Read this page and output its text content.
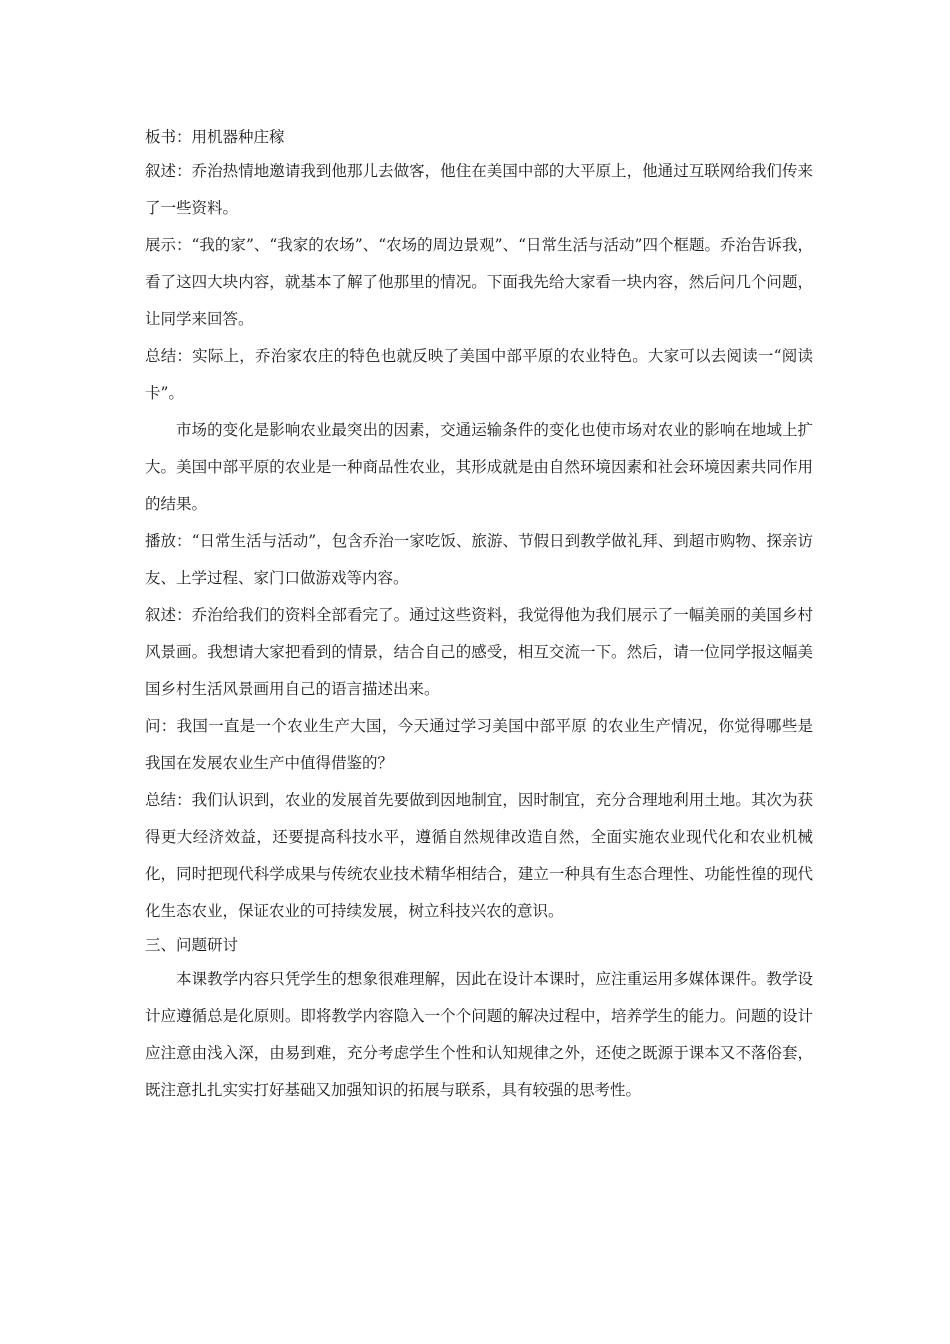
板书：用机器种庄稼

叙述：乔治热情地邀请我到他那儿去做客，他住在美国中部的大平原上，他通过互联网给我们传来了一些资料。

展示：“我的家”、“我家的农场”、“农场的周边景观”、“日常生活与活动”四个框题。乔治告诉我，看了这四大块内容，就基本了解了他那里的情况。下面我先给大家看一块内容，然后问几个问题，让同学来回答。

总结：实际上，乔治家农庄的特色也就反映了美国中部平原的农业特色。大家可以去阅读一“阅读卡”。

市场的变化是影响农业最突出的因素，交通运输条件的变化也使市场对农业的影响在地域上扩大。美国中部平原的农业是一种商品性农业，其形成就是由自然环境因素和社会环境因素共同作用的结果。

播放：“日常生活与活动”，包含乔治一家吃饭、旅游、节假日到教学做礼拜、到超市购物、探亲访友、上学过程、家门口做游戏等内容。

叙述：乔治给我们的资料全部看完了。通过这些资料，我觉得他为我们展示了一幅美丽的美国乡村风景画。我想请大家把看到的情景，结合自己的感受，相互交流一下。然后，请一位同学报这幅美国乡村生活风景画用自己的语言描述出来。

问：我国一直是一个农业生产大国，今天通过学习美国中部平原 的农业生产情况，你觉得哪些是我国在发展农业生产中值得借鉴的？

总结：我们认识到，农业的发展首先要做到因地制宜，因时制宜，充分合理地利用土地。其次为获得更大经济效益，还要提高科技水平，遵循自然规律改造自然，全面实施农业现代化和农业机械化，同时把现代科学成果与传统农业技术精华相结合，建立一种具有生态合理性、功能性徨的现代化生态农业，保证农业的可持续发展，树立科技兴农的意识。

三、问题研讨

本课教学内容只凭学生的想象很难理解，因此在设计本课时，应注重运用多媒体课件。教学设计应遵循总是化原则。即将教学内容隐入一个个问题的解决过程中，培养学生的能力。问题的设计应注意由浅入深，由易到难，充分考虑学生个性和认知规律之外，还使之既源于课本又不落俗套，既注意扎扎实实打好基础又加强知识的拓展与联系，具有较强的思考性。
